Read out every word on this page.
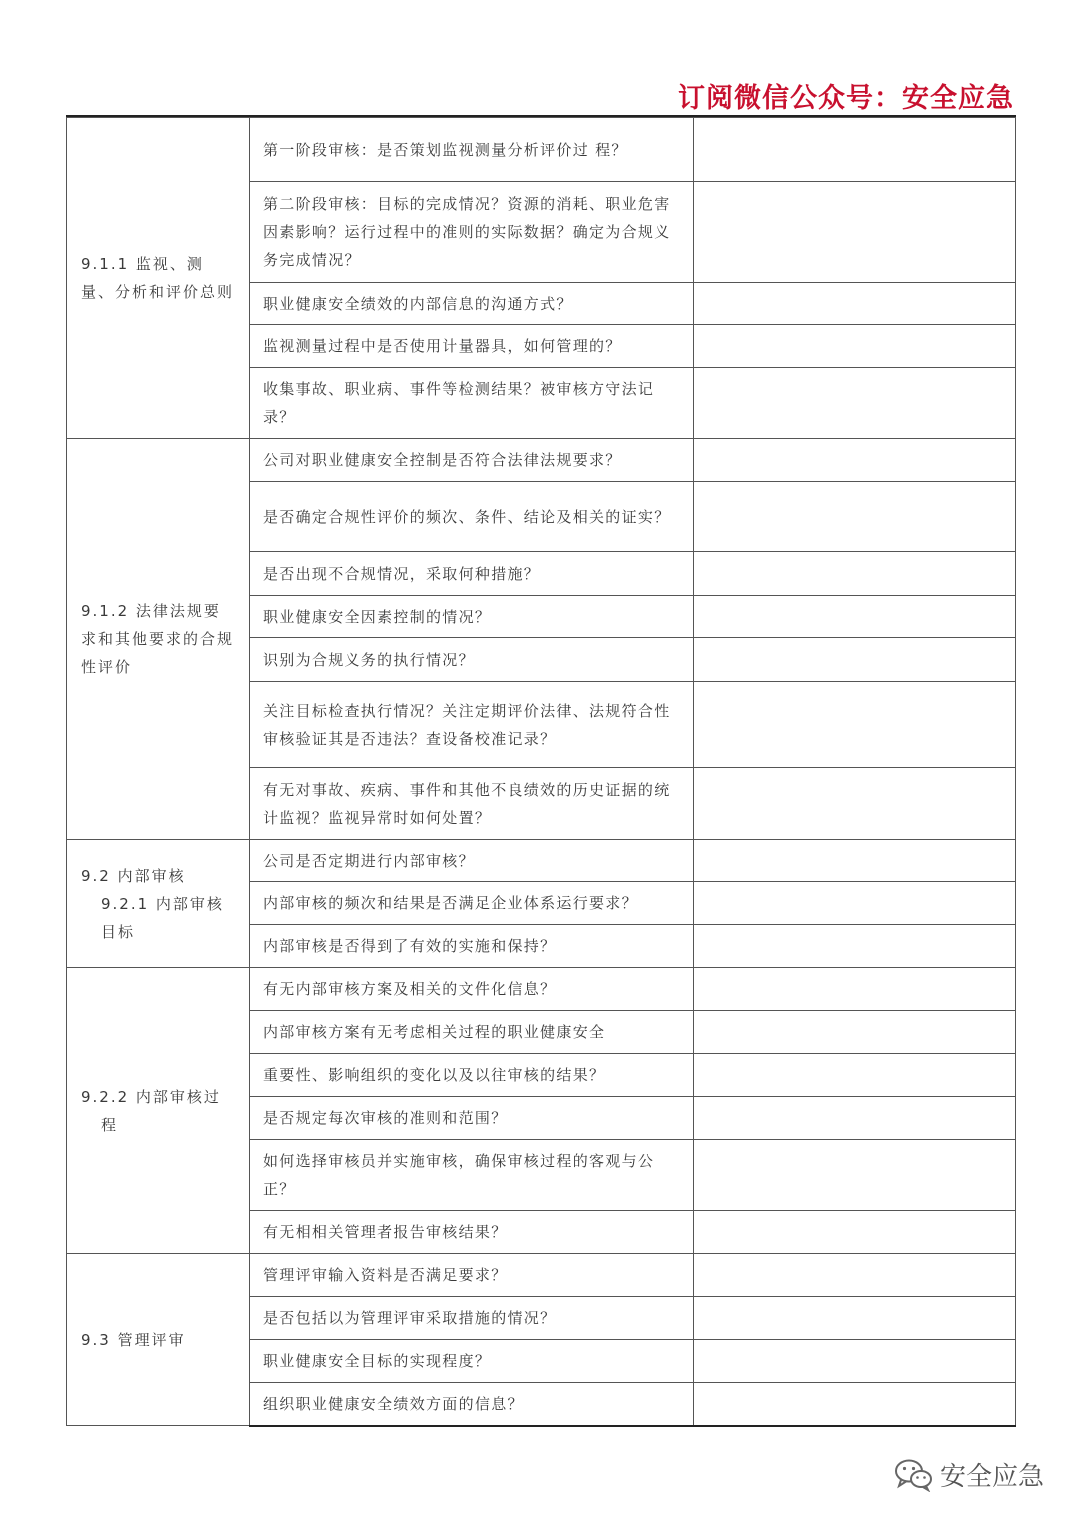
订阅微信公众号：安全应急
9.1.1 监视、测量、分析和评价总则	第一阶段审核：是否策划监视测量分析评价过 程？	
	第二阶段审核：目标的完成情况？资源的消耗、职业危害因素影响？运行过程中的准则的实际数据？确定为合规义务完成情况？	
	职业健康安全绩效的内部信息的沟通方式？	
	监视测量过程中是否使用计量器具，如何管理的？	
	收集事故、职业病、事件等检测结果？被审核方守法记录？	

9.1.2 法律法规要求和其他要求的合规性评价	公司对职业健康安全控制是否符合法律法规要求？	
	是否确定合规性评价的频次、条件、结论及相关的证实？	
	是否出现不合规情况，采取何种措施？	
	职业健康安全因素控制的情况？	
	识别为合规义务的执行情况？	
	关注目标检查执行情况？关注定期评价法律、法规符合性审核验证其是否违法？查设备校准记录？	
	有无对事故、疾病、事件和其他不良绩效的历史证据的统计监视？监视异常时如何处置？	

9.2 内部审核
9.2.1 内部审核目标	公司是否定期进行内部审核？	
	内部审核的频次和结果是否满足企业体系运行要求？	
	内部审核是否得到了有效的实施和保持？	

9.2.2 内部审核过
程	有无内部审核方案及相关的文件化信息？	
	内部审核方案有无考虑相关过程的职业健康安全	
	重要性、影响组织的变化以及以往审核的结果？	
	是否规定每次审核的准则和范围？	
	如何选择审核员并实施审核，确保审核过程的客观与公正？	
	有无相相关管理者报告审核结果？	

9.3 管理评审	管理评审输入资料是否满足要求？	
	是否包括以为管理评审采取措施的情况？	
	职业健康安全目标的实现程度？	
	组织职业健康安全绩效方面的信息？	
安全应急
